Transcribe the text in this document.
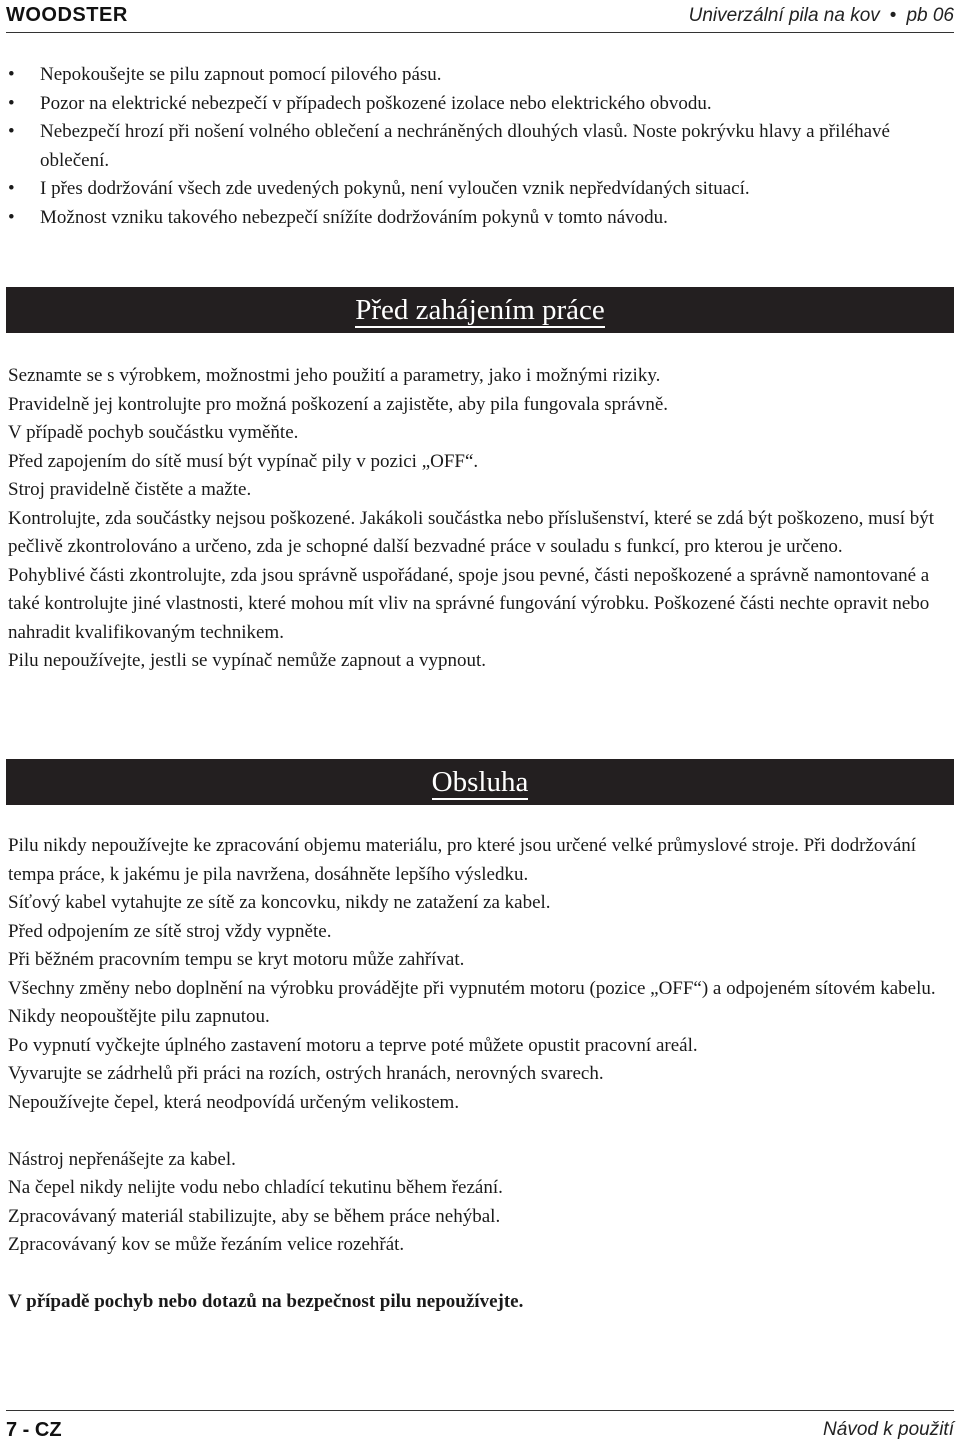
WOODSTER	Univerzální pila na kov • pb 06
• Nepokoušejte se pilu zapnout pomocí pilového pásu.
• Pozor na elektrické nebezpečí v případech poškozené izolace nebo elektrického obvodu.
• Nebezpečí hrozí při nošení volného oblečení a nechráněných dlouhých vlasů. Noste pokrývku hlavy a přiléhavé oblečení.
• I přes dodržování všech zde uvedených pokynů, není vyloučen vznik nepředvídaných situací.
• Možnost vzniku takového nebezpečí snížíte dodržováním pokynů v tomto návodu.
Před zahájením práce
Seznamte se s výrobkem, možnostmi jeho použití a parametry, jako i možnými riziky.
Pravidelně jej kontrolujte pro možná poškození a zajistěte, aby pila fungovala správně.
V případě pochyb součástku vyměňte.
Před zapojením do sítě musí být vypínač pily v pozici „OFF“.
Stroj pravidelně čistěte a mažte.
Kontrolujte, zda součástky nejsou poškozené. Jakákoli součástka nebo příslušenství, které se zdá být poškozeno, musí být pečlivě zkontrolováno a určeno, zda je schopné další bezvadné práce v souladu s funkcí, pro kterou je určeno.
Pohyblivé části zkontrolujte, zda jsou správně uspořádané, spoje jsou pevné, části nepoškozené a správně namontované a také kontrolujte jiné vlastnosti, které mohou mít vliv na správné fungování výrobku. Poškozené části nechte opravit nebo nahradit kvalifikovaným technikem.
Pilu nepoužívejte, jestli se vypínač nemůže zapnout a vypnout.
Obsluha
Pilu nikdy nepoužívejte ke zpracování objemu materiálu, pro které jsou určené velké průmyslové stroje. Při dodržování tempa práce, k jakému je pila navržena, dosáhněte lepšího výsledku.
Síťový kabel vytahujte ze sítě za koncovku, nikdy ne zatažení za kabel.
Před odpojením ze sítě stroj vždy vypněte.
Při běžném pracovním tempu se kryt motoru může zahřívat.
Všechny změny nebo doplnění na výrobku provádějte při vypnutém motoru (pozice „OFF“) a odpojeném sítovém kabelu.
Nikdy neopouštějte pilu zapnutou.
Po vypnutí vyčkejte úplného zastavení motoru a teprve poté můžete opustit pracovní areál.
Vyvarujte se zádrhelů při práci na rozích, ostrých hranách, nerovných svarech.
Nepoužívejte čepel, která neodpovídá určeným velikostem.
Nástroj nepřenášejte za kabel.
Na čepel nikdy nelijte vodu nebo chladící tekutinu během řezání.
Zpracovávaný materiál stabilizujte, aby se během práce nehýbal.
Zpracovávaný kov se může řezáním velice rozehřát.
V případě pochyb nebo dotazů na bezpečnost pilu nepoužívejte.
7 - CZ	Návod k použití
